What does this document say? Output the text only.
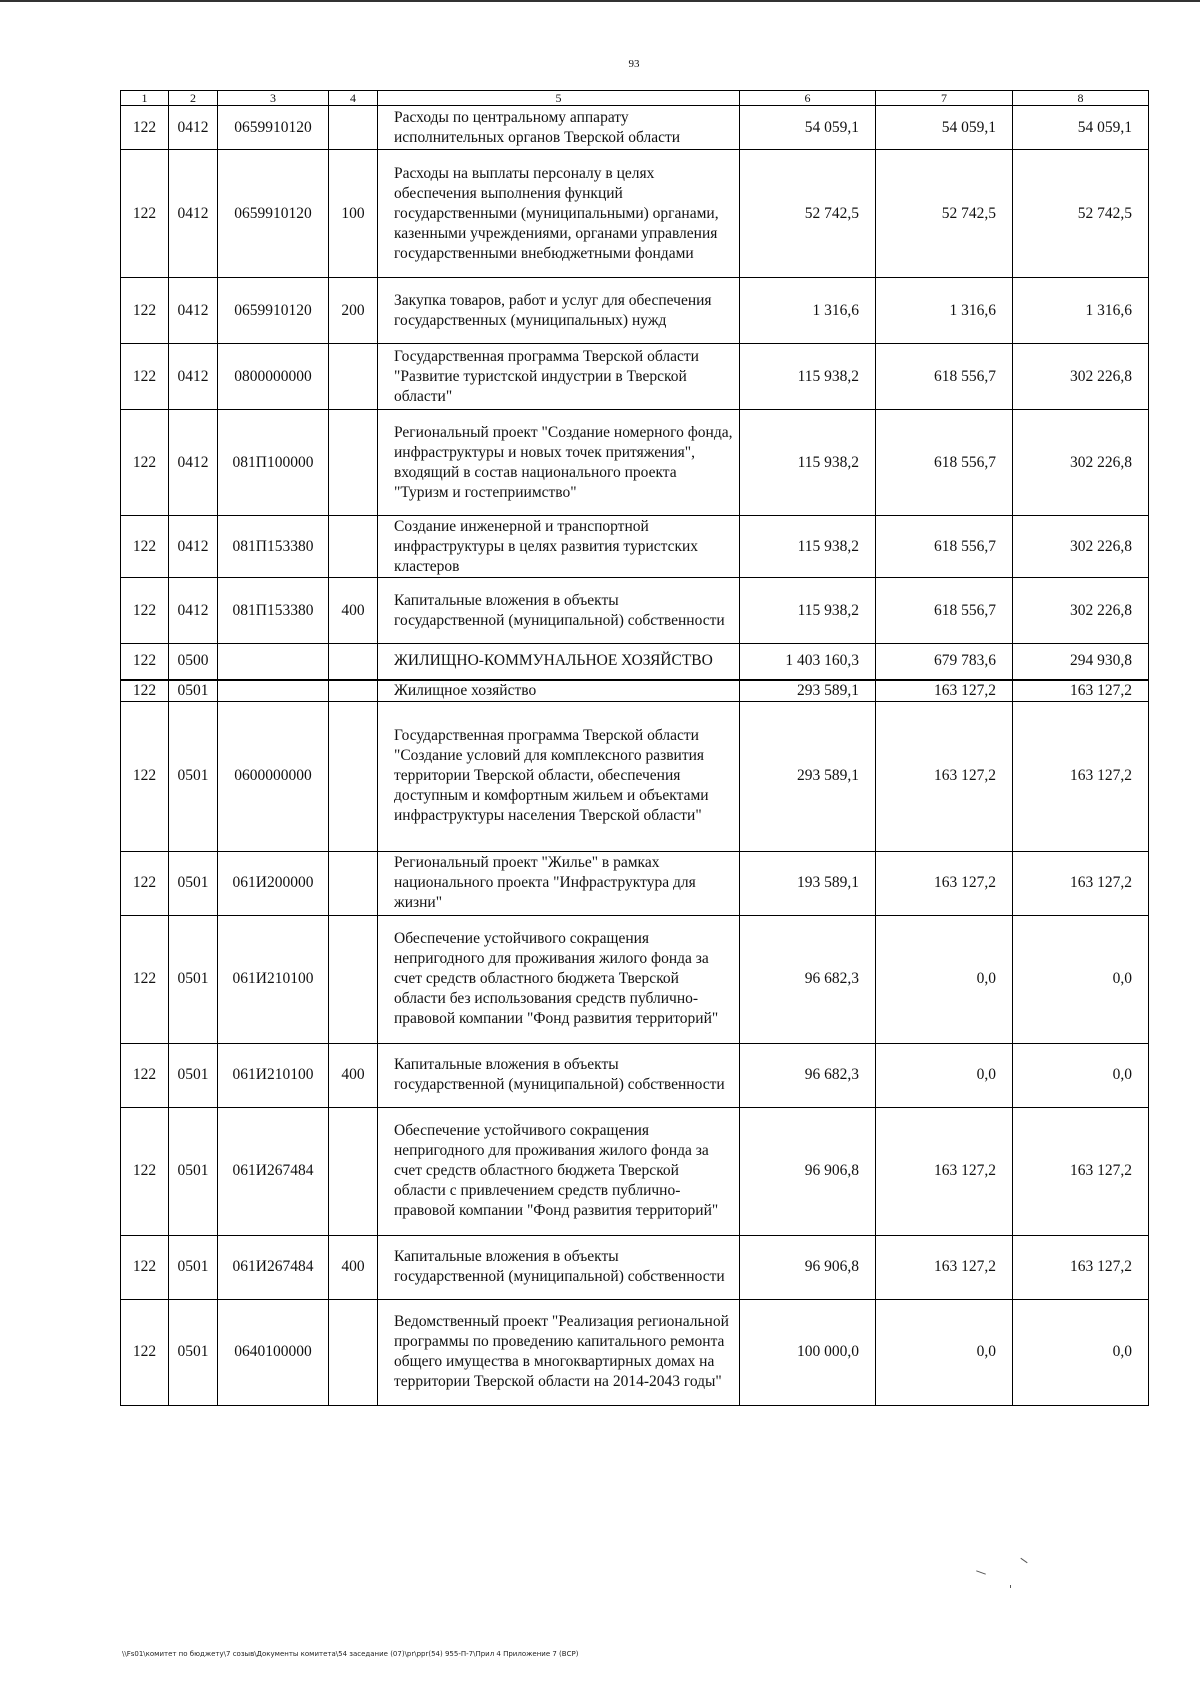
93
1	2	3	4	5	6	7	8
122	0412	0659910120		Расходы по центральному аппарату исполнительных органов Тверской области	54 059,1	54 059,1	54 059,1
122	0412	0659910120	100	Расходы на выплаты персоналу в целях обеспечения выполнения функций государственными (муниципальными) органами, казенными учреждениями, органами управления государственными внебюджетными фондами	52 742,5	52 742,5	52 742,5
122	0412	0659910120	200	Закупка товаров, работ и услуг для обеспечения государственных (муниципальных) нужд	1 316,6	1 316,6	1 316,6
122	0412	0800000000		Государственная программа Тверской области "Развитие туристской индустрии в Тверской области"	115 938,2	618 556,7	302 226,8
122	0412	081П100000		Региональный проект "Создание номерного фонда, инфраструктуры и новых точек притяжения", входящий в состав национального проекта "Туризм и гостеприимство"	115 938,2	618 556,7	302 226,8
122	0412	081П153380		Создание инженерной и транспортной инфраструктуры в целях развития туристских кластеров	115 938,2	618 556,7	302 226,8
122	0412	081П153380	400	Капитальные вложения в объекты государственной (муниципальной) собственности	115 938,2	618 556,7	302 226,8
122	0500			ЖИЛИЩНО-КОММУНАЛЬНОЕ ХОЗЯЙСТВО	1 403 160,3	679 783,6	294 930,8
122	0501			Жилищное хозяйство	293 589,1	163 127,2	163 127,2
122	0501	0600000000		Государственная программа Тверской области "Создание условий для комплексного развития территории Тверской области, обеспечения доступным и комфортным жильем и объектами инфраструктуры населения Тверской области"	293 589,1	163 127,2	163 127,2
122	0501	061И200000		Региональный проект "Жилье" в рамках национального проекта "Инфраструктура для жизни"	193 589,1	163 127,2	163 127,2
122	0501	061И210100		Обеспечение устойчивого сокращения непригодного для проживания жилого фонда за счет средств областного бюджета Тверской области без использования средств публично-правовой компании "Фонд развития территорий"	96 682,3	0,0	0,0
122	0501	061И210100	400	Капитальные вложения в объекты государственной (муниципальной) собственности	96 682,3	0,0	0,0
122	0501	061И267484		Обеспечение устойчивого сокращения непригодного для проживания жилого фонда за счет средств областного бюджета Тверской области с привлечением средств публично-правовой компании "Фонд развития территорий"	96 906,8	163 127,2	163 127,2
122	0501	061И267484	400	Капитальные вложения в объекты государственной (муниципальной) собственности	96 906,8	163 127,2	163 127,2
122	0501	0640100000		Ведомственный проект "Реализация региональной программы по проведению капитального ремонта общего имущества в многоквартирных домах на территории Тверской области на 2014-2043 годы"	100 000,0	0,0	0,0
\\Fs01\комитет по бюджету\7 созыв\Документы комитета\54 заседание (07)\pr\ppr(54) 955-П-7\Прил 4 Приложение 7 (ВСР)
